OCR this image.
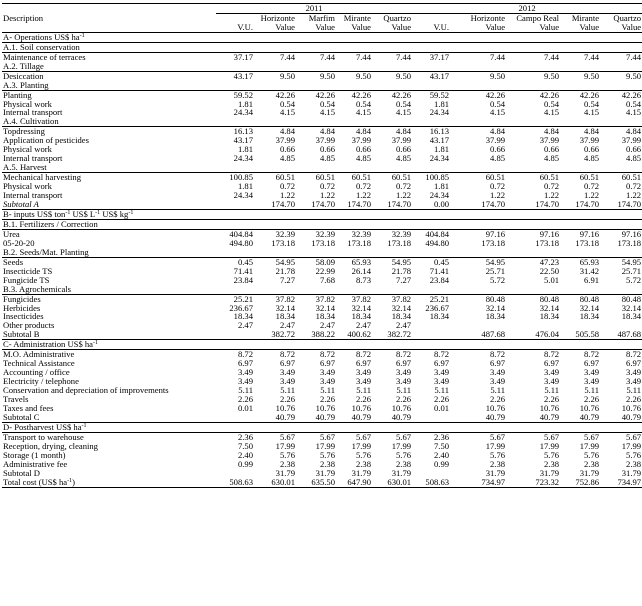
	2011					2012				
Description		Horizonte	Marfim	Mirante	Quartzo		Horizonte	Campo Real	Mirante	Quartzo
	V.U.	Value	Value	Value	Value	V.U.	Value	Value	Value	Value
A- Operations US$ $ha^{-1}$
A.1. Soil conservation										
Maintenance of terraces	37.17	7.44	7.44	7.44	7.44	37.17	7.44	7.44	7.44	7.44
A.2. Tillage										
Desiccation	43.17	9.50	9.50	9.50	9.50	43.17	9.50	9.50	9.50	9.50
A.3. Planting										
Planting	59.52	42.26	42.26	42.26	42.26	59.52	42.26	42.26	42.26	42.26
Physical work	1.81	0.54	0.54	0.54	0.54	1.81	0.54	0.54	0.54	0.54
Internal transport	24.34	4.15	4.15	4.15	4.15	24.34	4.15	4.15	4.15	4.15
A.4. Cultivation										
Topdressing	16.13	4.84	4.84	4.84	4.84	16.13	4.84	4.84	4.84	4.84
Application of pesticides	43.17	37.99	37.99	37.99	37.99	43.17	37.99	37.99	37.99	37.99
Physical work	1.81	0.66	0.66	0.66	0.66	1.81	0.66	0.66	0.66	0.66
Internal transport	24.34	4.85	4.85	4.85	4.85	24.34	4.85	4.85	4.85	4.85
A.5. Harvest										
Mechanical harvesting	100.85	60.51	60.51	60.51	60.51	100.85	60.51	60.51	60.51	60.51
Physical work	1.81	0.72	0.72	0.72	0.72	1.81	0.72	0.72	0.72	0.72
Internal transport	24.34	1.22	1.22	1.22	1.22	24.34	1.22	1.22	1.22	1.22
Subtotal A		174.70	174.70	174.70	174.70	0.00	174.70	174.70	174.70	174.70
B- inputs US$ ton$^{-1}$ US$ $L^{-1}$ US$ $kg^{-1}$
B.1. Fertilizers / Correction										
Urea	404.84	32.39	32.39	32.39	32.39	404.84	97.16	97.16	97.16	97.16
05-20-20	494.80	173.18	173.18	173.18	173.18	494.80	173.18	173.18	173.18	173.18
B.2. Seeds/Mat. Planting										
Seeds	0.45	54.95	58.09	65.93	54.95	0.45	54.95	47.23	65.93	54.95
Insecticide TS	71.41	21.78	22.99	26.14	21.78	71.41	25.71	22.50	31.42	25.71
Fungicide TS	23.84	7.27	7.68	8.73	7.27	23.84	5.72	5.01	6.91	5.72
B.3. Agrochemicals										
Fungicides	25.21	37.82	37.82	37.82	37.82	25.21	80.48	80.48	80.48	80.48
Herbicides	236.67	32.14	32.14	32.14	32.14	236.67	32.14	32.14	32.14	32.14
Insecticides	18.34	18.34	18.34	18.34	18.34	18.34	18.34	18.34	18.34	18.34
Other products	2.47	2.47	2.47	2.47	2.47					
Subtotal B		382.72	388.22	400.62	382.72		487.68	476.04	505.58	487.68
C- Administration US$ $ha^{-1}$
M.O. Administrative	8.72	8.72	8.72	8.72	8.72	8.72	8.72	8.72	8.72	8.72
Technical Assistance	6.97	6.97	6.97	6.97	6.97	6.97	6.97	6.97	6.97	6.97
Accounting / office	3.49	3.49	3.49	3.49	3.49	3.49	3.49	3.49	3.49	3.49
Electricity / telephone	3.49	3.49	3.49	3.49	3.49	3.49	3.49	3.49	3.49	3.49
Conservation and depreciation of improvements	5.11	5.11	5.11	5.11	5.11	5.11	5.11	5.11	5.11	5.11
Travels	2.26	2.26	2.26	2.26	2.26	2.26	2.26	2.26	2.26	2.26
Taxes and fees	0.01	10.76	10.76	10.76	10.76	0.01	10.76	10.76	10.76	10.76
Subtotal C		40.79	40.79	40.79	40.79		40.79	40.79	40.79	40.79
D- Postharvest US$ $ha^{-1}$
Transport to warehouse	2.36	5.67	5.67	5.67	5.67	2.36	5.67	5.67	5.67	5.67
Reception, drying, cleaning	7.50	17.99	17.99	17.99	17.99	7.50	17.99	17.99	17.99	17.99
Storage (1 month)	2.40	5.76	5.76	5.76	5.76	2.40	5.76	5.76	5.76	5.76
Administrative fee	0.99	2.38	2.38	2.38	2.38	0.99	2.38	2.38	2.38	2.38
Subtotal D		31.79	31.79	31.79	31.79		31.79	31.79	31.79	31.79
Total cost (US$ $ha^{-1}$)	508.63	630.01	635.50	647.90	630.01	508.63	734.97	723.32	752.86	734.97
